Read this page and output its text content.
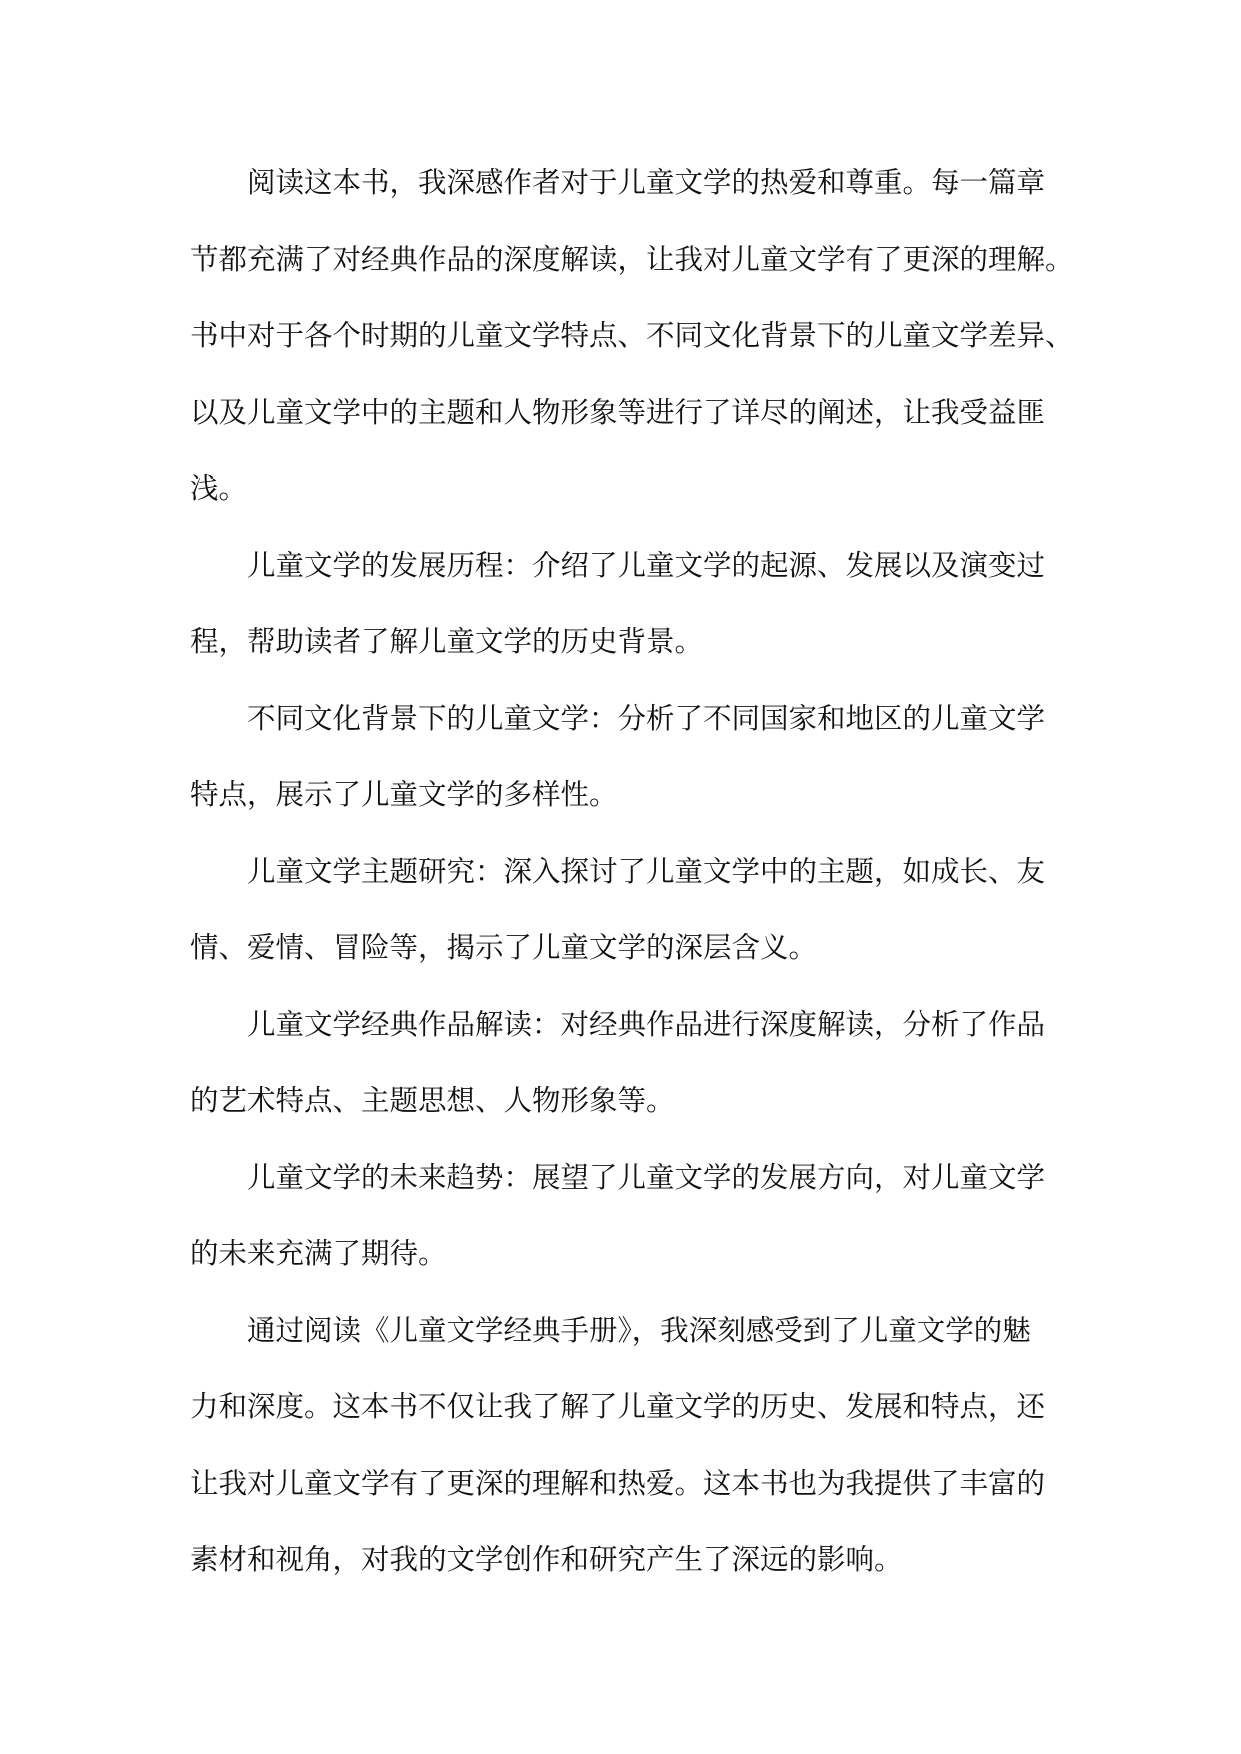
阅读这本书，我深感作者对于儿童文学的热爱和尊重。每一篇章
节都充满了对经典作品的深度解读，让我对儿童文学有了更深的理解。
书中对于各个时期的儿童文学特点、不同文化背景下的儿童文学差异、
以及儿童文学中的主题和人物形象等进行了详尽的阐述，让我受益匪
浅。
儿童文学的发展历程：介绍了儿童文学的起源、发展以及演变过
程，帮助读者了解儿童文学的历史背景。
不同文化背景下的儿童文学：分析了不同国家和地区的儿童文学
特点，展示了儿童文学的多样性。
儿童文学主题研究：深入探讨了儿童文学中的主题，如成长、友
情、爱情、冒险等，揭示了儿童文学的深层含义。
儿童文学经典作品解读：对经典作品进行深度解读，分析了作品
的艺术特点、主题思想、人物形象等。
儿童文学的未来趋势：展望了儿童文学的发展方向，对儿童文学
的未来充满了期待。
通过阅读《儿童文学经典手册》，我深刻感受到了儿童文学的魅
力和深度。这本书不仅让我了解了儿童文学的历史、发展和特点，还
让我对儿童文学有了更深的理解和热爱。这本书也为我提供了丰富的
素材和视角，对我的文学创作和研究产生了深远的影响。
